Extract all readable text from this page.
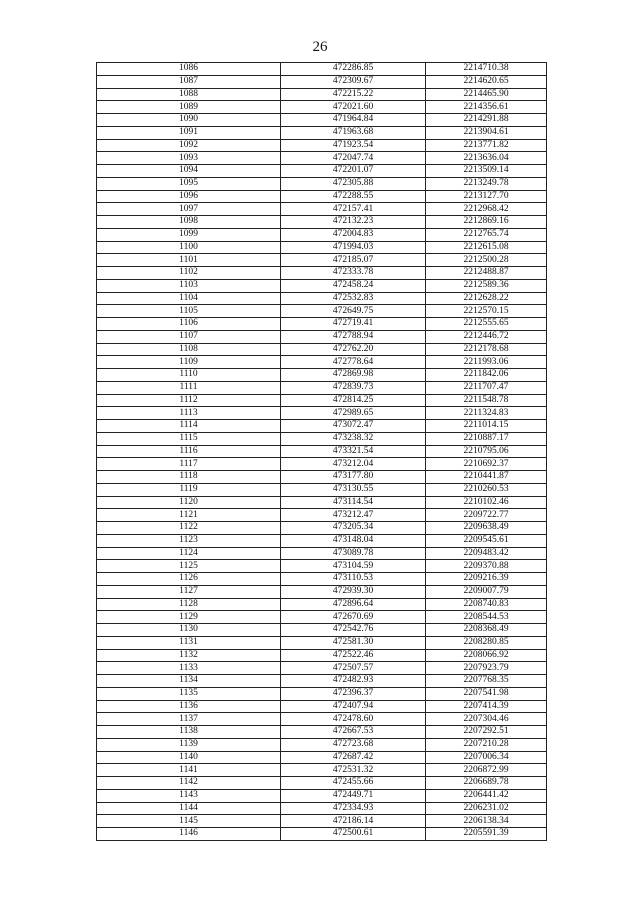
26
1086	472286.85	2214710.38
1087	472309.67	2214620.65
1088	472215.22	2214465.90
1089	472021.60	2214356.61
1090	471964.84	2214291.88
1091	471963.68	2213904.61
1092	471923.54	2213771.82
1093	472047.74	2213636.04
1094	472201.07	2213509.14
1095	472305.88	2213249.78
1096	472288.55	2213127.70
1097	472157.41	2212968.42
1098	472132.23	2212869.16
1099	472004.83	2212765.74
1100	471994.03	2212615.08
1101	472185.07	2212500.28
1102	472333.78	2212488.87
1103	472458.24	2212589.36
1104	472532.83	2212628.22
1105	472649.75	2212570.15
1106	472719.41	2212555.65
1107	472788.94	2212446.72
1108	472762.20	2212178.68
1109	472778.64	2211993.06
1110	472869.98	2211842.06
1111	472839.73	2211707.47
1112	472814.25	2211548.78
1113	472989.65	2211324.83
1114	473072.47	2211014.15
1115	473238.32	2210887.17
1116	473321.54	2210795.06
1117	473212.04	2210692.37
1118	473177.80	2210441.87
1119	473130.55	2210260.53
1120	473114.54	2210102.46
1121	473212.47	2209722.77
1122	473205.34	2209638.49
1123	473148.04	2209545.61
1124	473089.78	2209483.42
1125	473104.59	2209370.88
1126	473110.53	2209216.39
1127	472939.30	2209007.79
1128	472896.64	2208740.83
1129	472670.69	2208544.53
1130	472542.76	2208368.49
1131	472581.30	2208280.85
1132	472522.46	2208066.92
1133	472507.57	2207923.79
1134	472482.93	2207768.35
1135	472396.37	2207541.98
1136	472407.94	2207414.39
1137	472478.60	2207304.46
1138	472667.53	2207292.51
1139	472723.68	2207210.28
1140	472687.42	2207006.34
1141	472531.32	2206872.99
1142	472455.66	2206689.78
1143	472449.71	2206441.42
1144	472334.93	2206231.02
1145	472186.14	2206138.34
1146	472500.61	2205591.39
